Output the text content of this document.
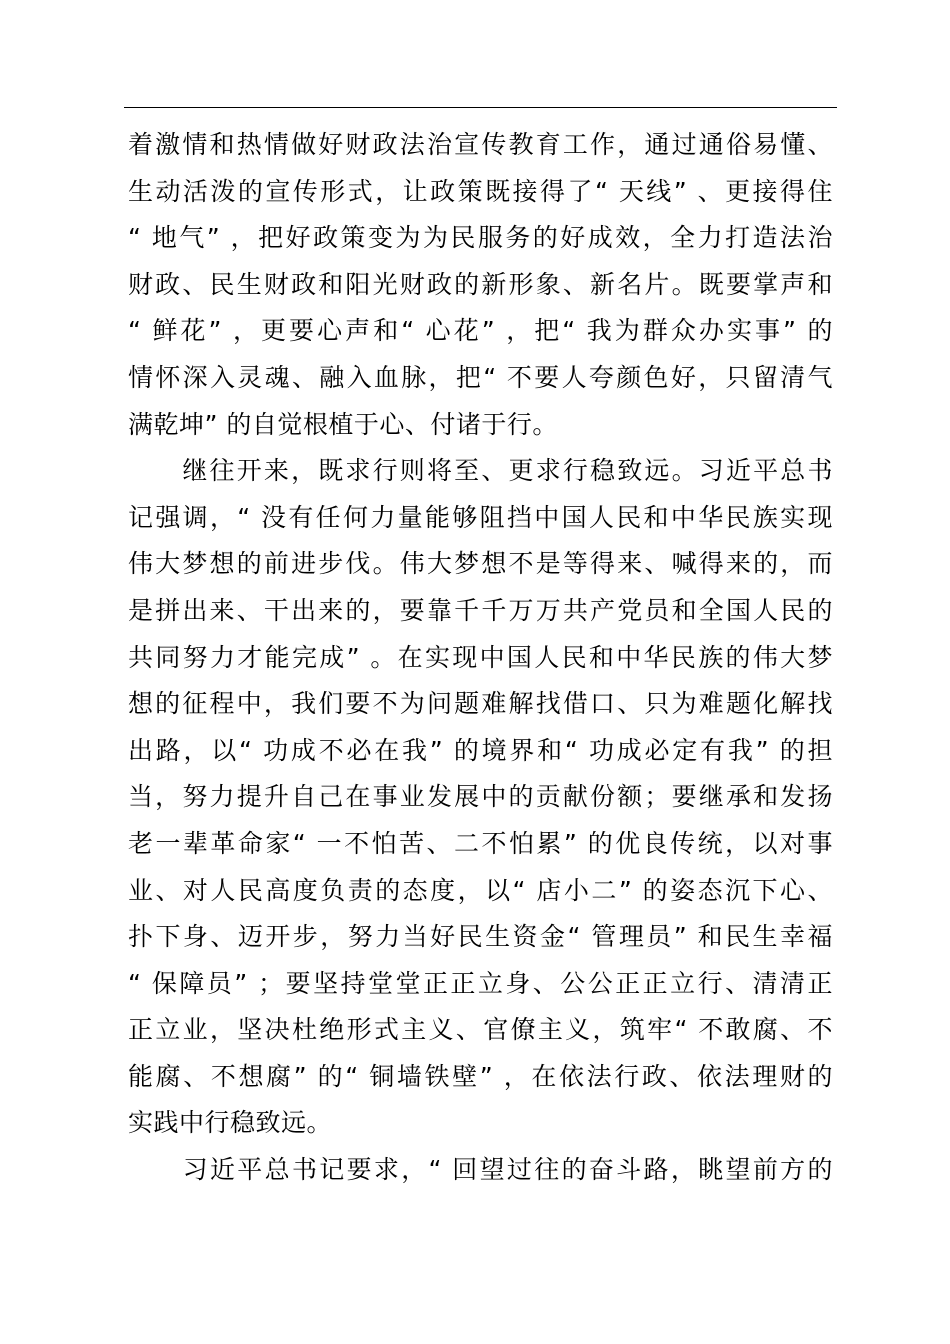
着激情和热情做好财政法治宣传教育工作，通过通俗易懂、
生动活泼的宣传形式，让政策既接得了“ 天线” 、更接得住
“ 地气” ，把好政策变为为民服务的好成效，全力打造法治
财政、民生财政和阳光财政的新形象、新名片。既要掌声和
“ 鲜花” ，更要心声和“ 心花” ，把“ 我为群众办实事” 的
情怀深入灵魂、融入血脉，把“ 不要人夸颜色好，只留清气
满乾坤” 的自觉根植于心、付诸于行。
　　继往开来，既求行则将至、更求行稳致远。习近平总书
记强调，“ 没有任何力量能够阻挡中国人民和中华民族实现
伟大梦想的前进步伐。伟大梦想不是等得来、喊得来的，而
是拼出来、干出来的，要靠千千万万共产党员和全国人民的
共同努力才能完成” 。在实现中国人民和中华民族的伟大梦
想的征程中，我们要不为问题难解找借口、只为难题化解找
出路，以“ 功成不必在我” 的境界和“ 功成必定有我” 的担
当，努力提升自己在事业发展中的贡献份额；要继承和发扬
老一辈革命家“ 一不怕苦、二不怕累” 的优良传统，以对事
业、对人民高度负责的态度，以“ 店小二” 的姿态沉下心、
扑下身、迈开步，努力当好民生资金“ 管理员” 和民生幸福
“ 保障员” ；要坚持堂堂正正立身、公公正正立行、清清正
正立业，坚决杜绝形式主义、官僚主义，筑牢“ 不敢腐、不
能腐、不想腐” 的“ 铜墙铁壁” ，在依法行政、依法理财的
实践中行稳致远。
　　习近平总书记要求，“ 回望过往的奋斗路，眺望前方的
